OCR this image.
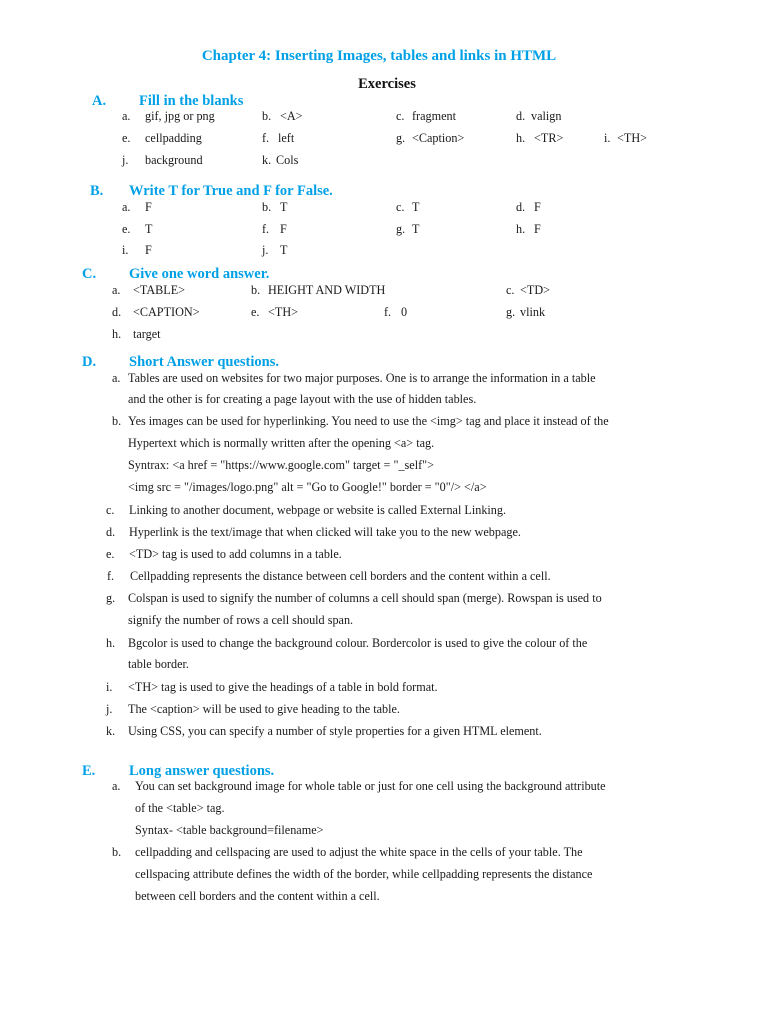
Chapter 4: Inserting Images, tables and links in HTML
Exercises
A. Fill in the blanks
a. gif, jpg or png	b. <A>	c. fragment	d. valign
e. cellpadding	f. left	g. <Caption>	h. <TR>	i. <TH>
j. background	k. Cols
B. Write T for True and F for False.
a. F	b. T	c. T	d. F
e. T	f. F	g. T	h. F
i. F	j. T
C. Give one word answer.
a. <TABLE>	b. HEIGHT AND WIDTH	c. <TD>
d. <CAPTION>	e. <TH>	f. 0	g. vlink
h. target
D. Short Answer questions.
a. Tables are used on websites for two major purposes. One is to arrange the information in a table
and the other is for creating a page layout with the use of hidden tables.
b. Yes images can be used for hyperlinking. You need to use the <img> tag and place it instead of the
Hypertext which is normally written after the opening <a> tag.
Syntrax: <a href = "https://www.google.com" target = "_self">
<img src = "/images/logo.png" alt = "Go to Google!" border = "0"/> </a>
c. Linking to another document, webpage or website is called External Linking.
d. Hyperlink is the text/image that when clicked will take you to the new webpage.
e. <TD> tag is used to add columns in a table.
f. Cellpadding represents the distance between cell borders and the content within a cell.
g. Colspan is used to signify the number of columns a cell should span (merge). Rowspan is used to
signify the number of rows a cell should span.
h. Bgcolor is used to change the background colour. Bordercolor is used to give the colour of the
table border.
i. <TH> tag is used to give the headings of a table in bold format.
j. The <caption> will be used to give heading to the table.
k. Using CSS, you can specify a number of style properties for a given HTML element.
E. Long answer questions.
a. You can set background image for whole table or just for one cell using the background attribute
of the <table> tag.
Syntax- <table background=filename>
b. cellpadding and cellspacing are used to adjust the white space in the cells of your table. The
cellspacing attribute defines the width of the border, while cellpadding represents the distance
between cell borders and the content within a cell.
